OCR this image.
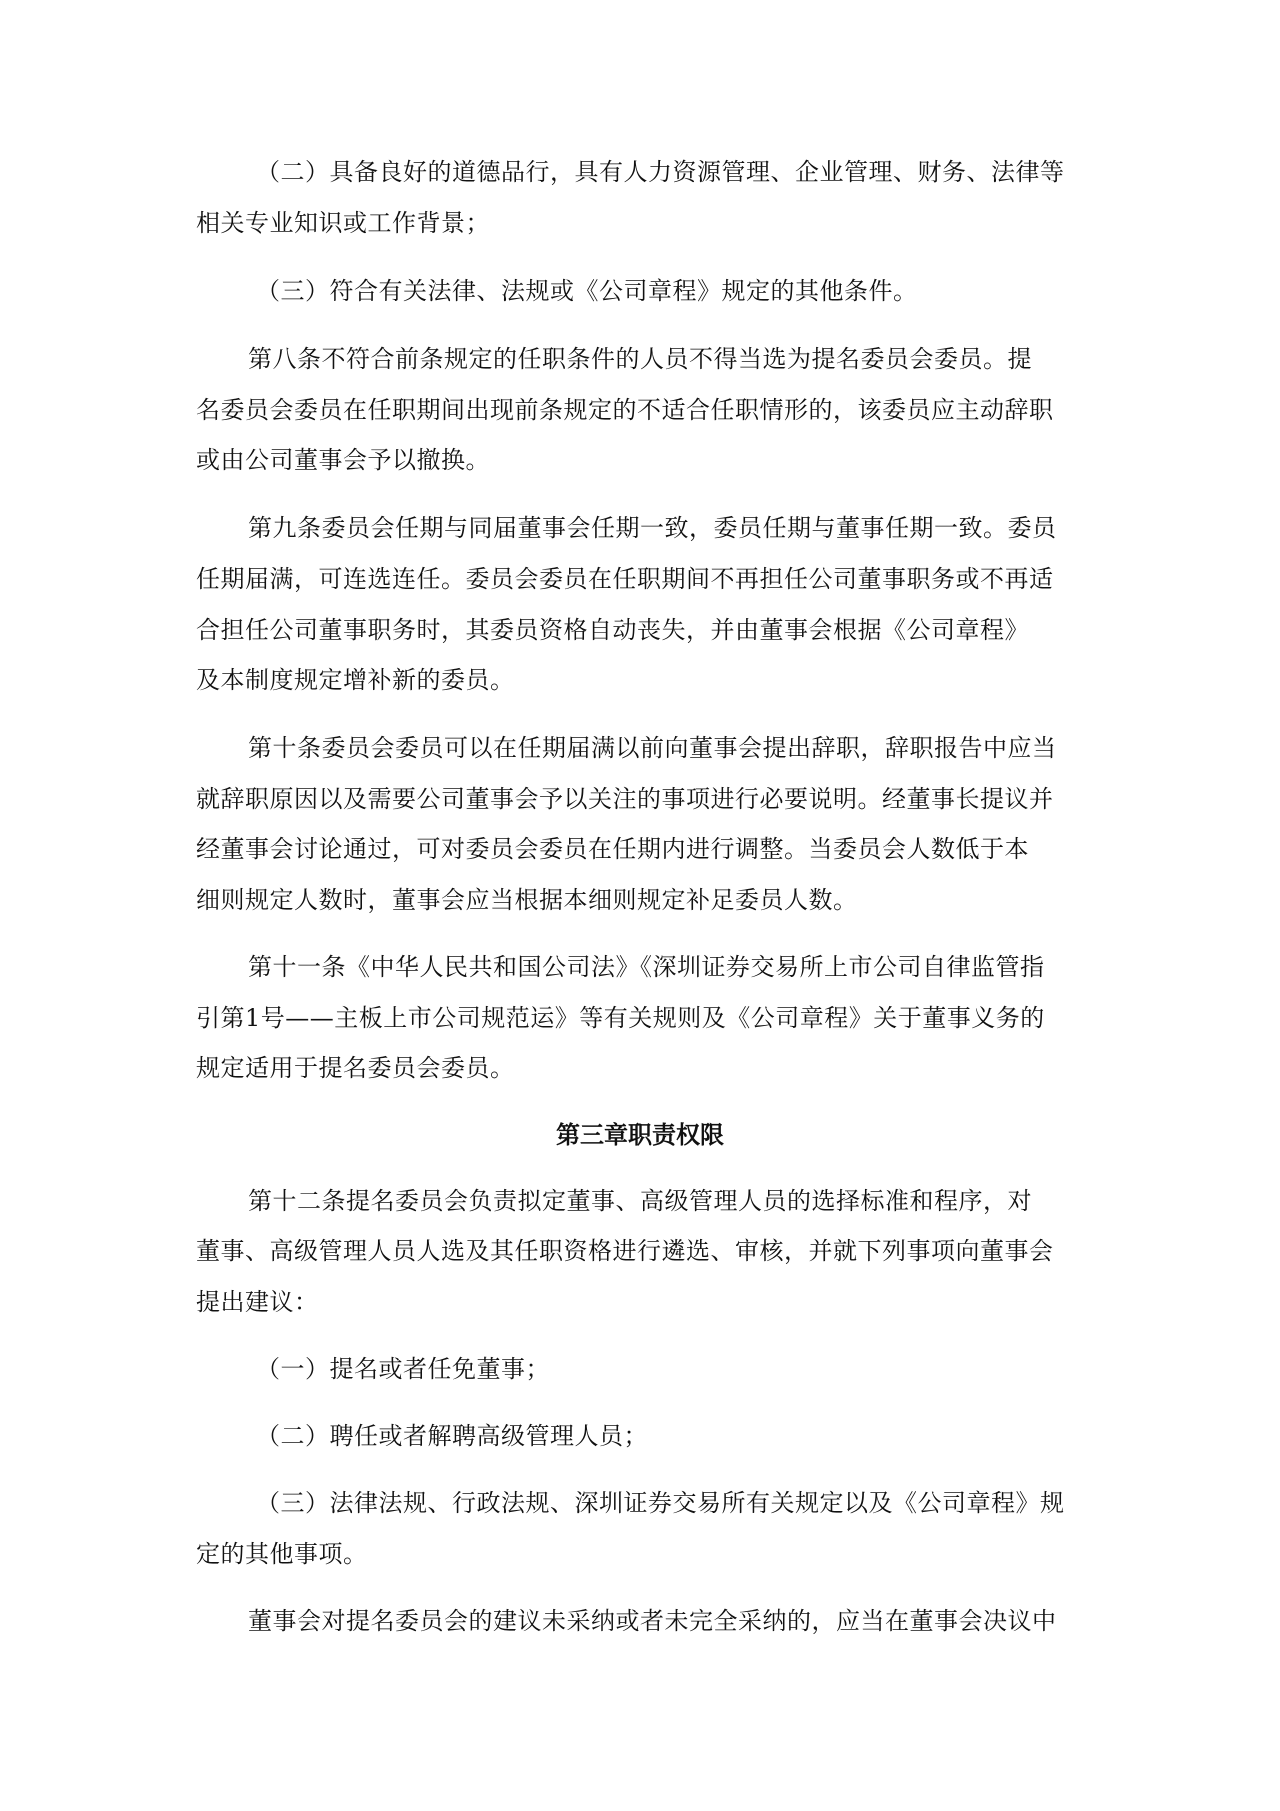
（二）具备良好的道德品行，具有人力资源管理、企业管理、财务、法律等

相关专业知识或工作背景；

（三）符合有关法律、法规或《公司章程》规定的其他条件。

第八条不符合前条规定的任职条件的人员不得当选为提名委员会委员。提

名委员会委员在任职期间出现前条规定的不适合任职情形的，该委员应主动辞职

或由公司董事会予以撤换。

第九条委员会任期与同届董事会任期一致，委员任期与董事任期一致。委员

任期届满，可连选连任。委员会委员在任职期间不再担任公司董事职务或不再适

合担任公司董事职务时，其委员资格自动丧失，并由董事会根据《公司章程》

及本制度规定增补新的委员。

第十条委员会委员可以在任期届满以前向董事会提出辞职，辞职报告中应当

就辞职原因以及需要公司董事会予以关注的事项进行必要说明。经董事长提议并

经董事会讨论通过，可对委员会委员在任期内进行调整。当委员会人数低于本

细则规定人数时，董事会应当根据本细则规定补足委员人数。

第十一条《中华人民共和国公司法》《深圳证券交易所上市公司自律监管指

引第1号——主板上市公司规范运》等有关规则及《公司章程》关于董事义务的

规定适用于提名委员会委员。

第三章职责权限

第十二条提名委员会负责拟定董事、高级管理人员的选择标准和程序，对

董事、高级管理人员人选及其任职资格进行遴选、审核，并就下列事项向董事会

提出建议：

（一）提名或者任免董事；

（二）聘任或者解聘高级管理人员；

（三）法律法规、行政法规、深圳证券交易所有关规定以及《公司章程》规

定的其他事项。

董事会对提名委员会的建议未采纳或者未完全采纳的，应当在董事会决议中
